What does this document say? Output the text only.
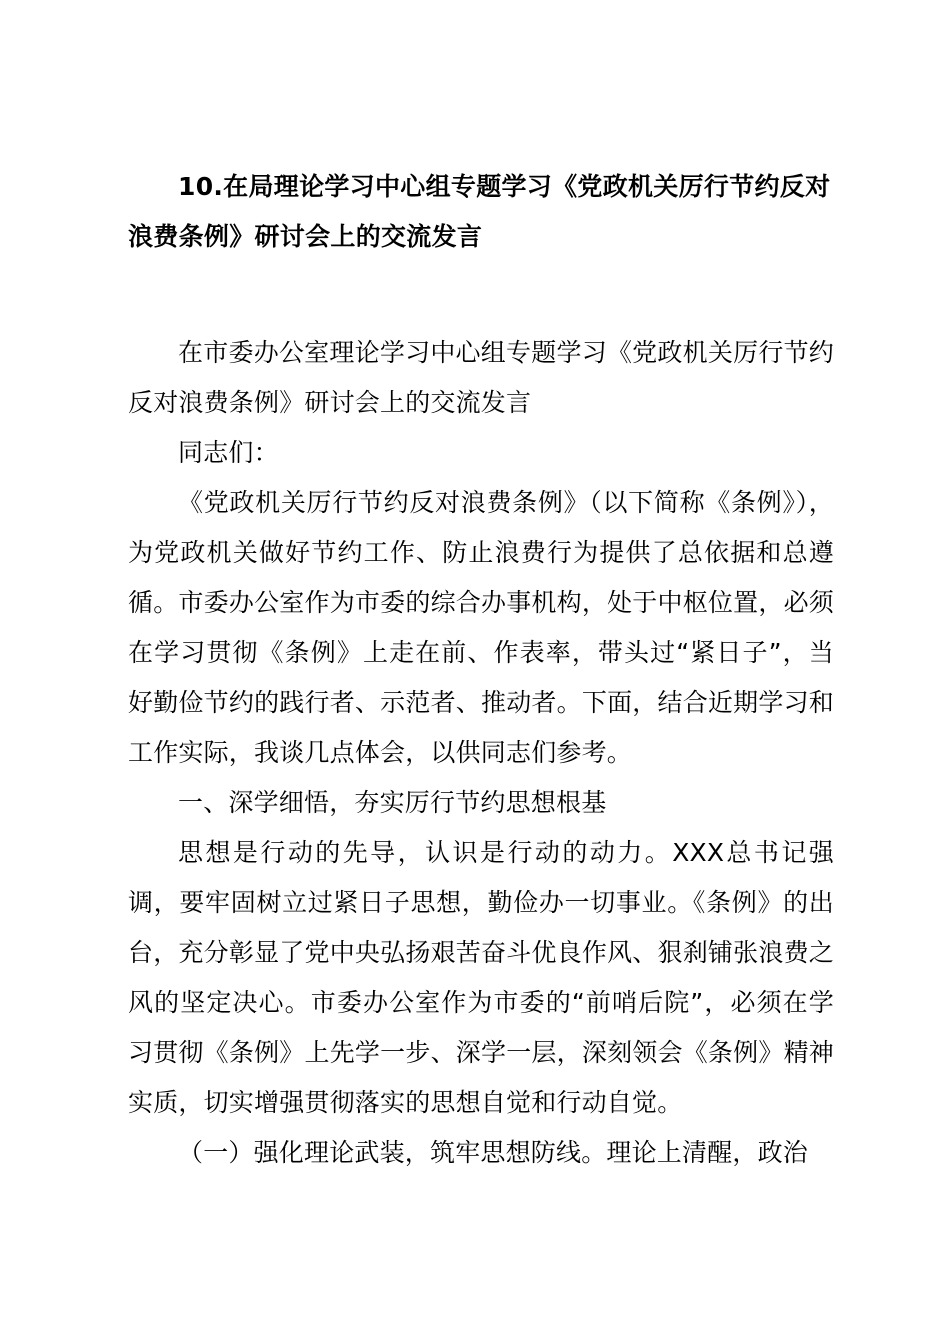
10.在局理论学习中心组专题学习《党政机关厉行节约反对浪费条例》研讨会上的交流发言

在市委办公室理论学习中心组专题学习《党政机关厉行节约反对浪费条例》研讨会上的交流发言

同志们：

《党政机关厉行节约反对浪费条例》（以下简称《条例》），为党政机关做好节约工作、防止浪费行为提供了总依据和总遵循。市委办公室作为市委的综合办事机构，处于中枢位置，必须在学习贯彻《条例》上走在前、作表率，带头过“紧日子”，当好勤俭节约的践行者、示范者、推动者。下面，结合近期学习和工作实际，我谈几点体会，以供同志们参考。

一、深学细悟，夯实厉行节约思想根基

思想是行动的先导，认识是行动的动力。XXX总书记强调，要牢固树立过紧日子思想，勤俭办一切事业。《条例》的出台，充分彰显了党中央弘扬艰苦奋斗优良作风、狠刹铺张浪费之风的坚定决心。市委办公室作为市委的“前哨后院”，必须在学习贯彻《条例》上先学一步、深学一层，深刻领会《条例》精神实质，切实增强贯彻落实的思想自觉和行动自觉。

（一）强化理论武装，筑牢思想防线。理论上清醒，政治
